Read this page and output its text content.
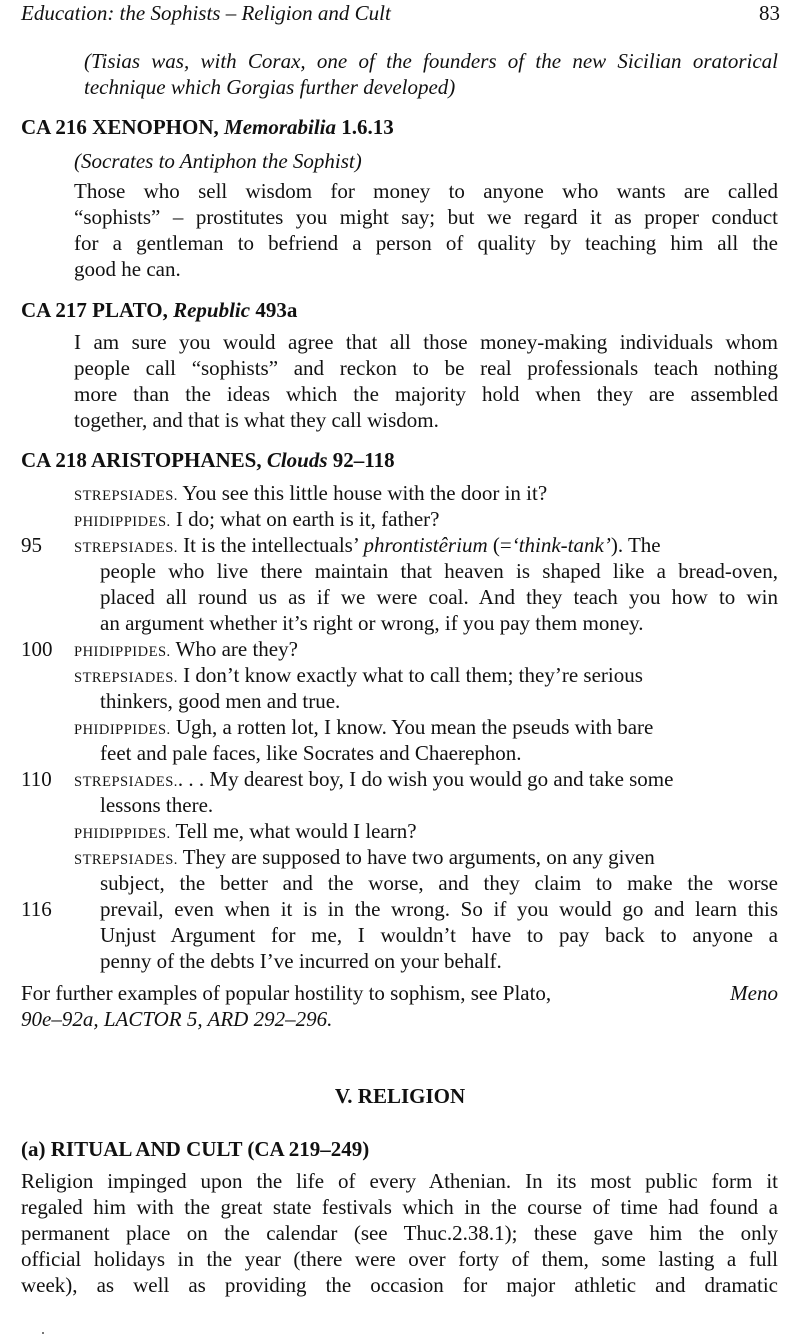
Education: the Sophists – Religion and Cult	83
(Tisias was, with Corax, one of the founders of the new Sicilian oratorical
technique which Gorgias further developed)
CA 216 XENOPHON, Memorabilia 1.6.13
(Socrates to Antiphon the Sophist)
Those who sell wisdom for money to anyone who wants are called
“sophists” – prostitutes you might say; but we regard it as proper conduct
for a gentleman to befriend a person of quality by teaching him all the
good he can.
CA 217 PLATO, Republic 493a
I am sure you would agree that all those money-making individuals whom
people call “sophists” and reckon to be real professionals teach nothing
more than the ideas which the majority hold when they are assembled
together, and that is what they call wisdom.
CA 218 ARISTOPHANES, Clouds 92–118
STREPSIADES. You see this little house with the door in it?
PHIDIPPIDES. I do; what on earth is it, father?
95 STREPSIADES. It is the intellectuals’ phrontistêrium (=‘think-tank’). The
people who live there maintain that heaven is shaped like a bread-oven,
placed all round us as if we were coal. And they teach you how to win
an argument whether it’s right or wrong, if you pay them money.
100 PHIDIPPIDES. Who are they?
STREPSIADES. I don’t know exactly what to call them; they’re serious
thinkers, good men and true.
PHIDIPPIDES. Ugh, a rotten lot, I know. You mean the pseuds with bare
feet and pale faces, like Socrates and Chaerephon.
110 STREPSIADES.. . . My dearest boy, I do wish you would go and take some
lessons there.
PHIDIPPIDES. Tell me, what would I learn?
STREPSIADES. They are supposed to have two arguments, on any given
subject, the better and the worse, and they claim to make the worse
116 prevail, even when it is in the wrong. So if you would go and learn this
Unjust Argument for me, I wouldn’t have to pay back to anyone a
penny of the debts I’ve incurred on your behalf.
For further examples of popular hostility to sophism, see Plato,	Meno
90e–92a, LACTOR 5, ARD 292–296.
V. RELIGION
(a) RITUAL AND CULT (CA 219–249)
Religion impinged upon the life of every Athenian. In its most public form it
regaled him with the great state festivals which in the course of time had found a
permanent place on the calendar (see Thuc.2.38.1); these gave him the only
official holidays in the year (there were over forty of them, some lasting a full
week), as well as providing the occasion for major athletic and dramatic
